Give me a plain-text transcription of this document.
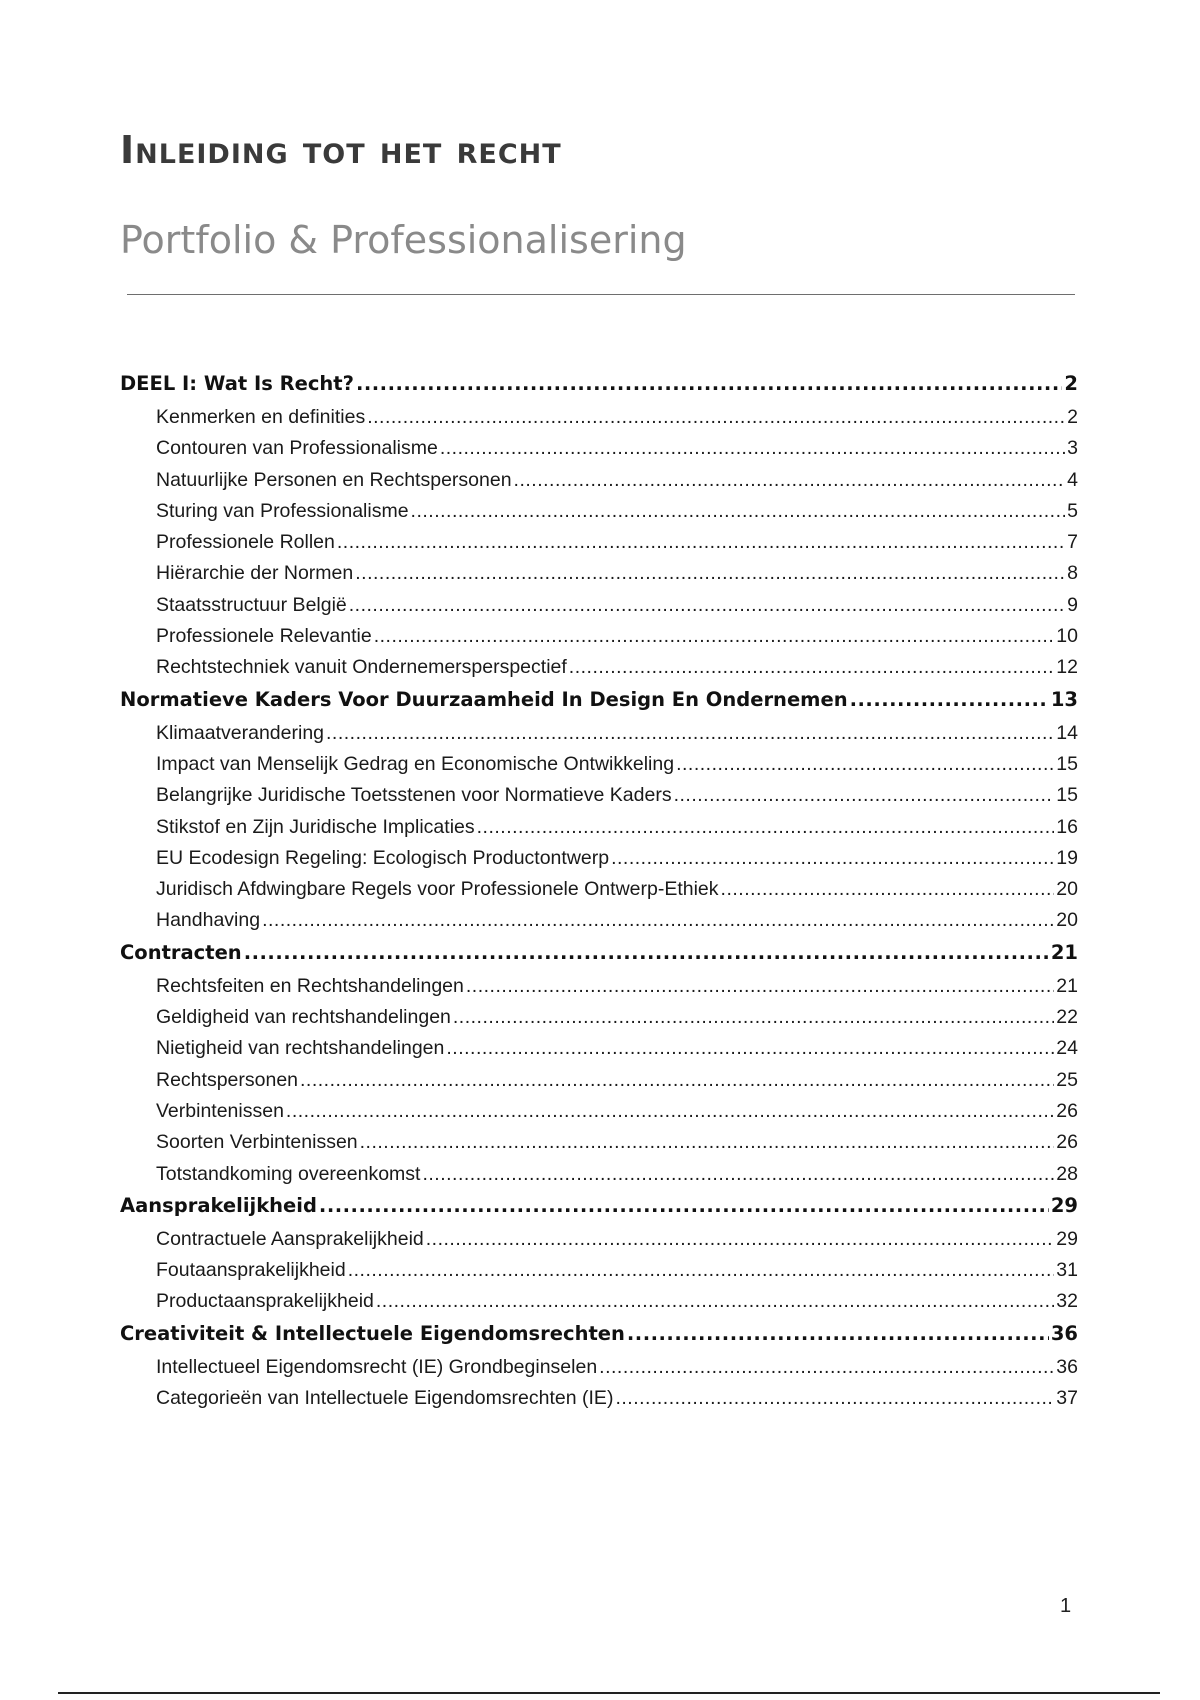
Inleiding tot het recht
Portfolio & Professionalisering
DEEL I: Wat Is Recht? .....	2
Kenmerken en definities .....	2
Contouren van Professionalisme .....	3
Natuurlijke Personen en Rechtspersonen .....	4
Sturing van Professionalisme .....	5
Professionele Rollen .....	7
Hiërarchie der Normen .....	8
Staatsstructuur België .....	9
Professionele Relevantie .....	10
Rechtstechniek vanuit Ondernemersperspectief .....	12
Normatieve Kaders Voor Duurzaamheid In Design En Ondernemen .....	13
Klimaatverandering .....	14
Impact van Menselijk Gedrag en Economische Ontwikkeling .....	15
Belangrijke Juridische Toetsstenen voor Normatieve Kaders .....	15
Stikstof en Zijn Juridische Implicaties .....	16
EU Ecodesign Regeling: Ecologisch Productontwerp .....	19
Juridisch Afdwingbare Regels voor Professionele Ontwerp-Ethiek .....	20
Handhaving .....	20
Contracten .....	21
Rechtsfeiten en Rechtshandelingen .....	21
Geldigheid van rechtshandelingen .....	22
Nietigheid van rechtshandelingen .....	24
Rechtspersonen .....	25
Verbintenissen .....	26
Soorten Verbintenissen .....	26
Totstandkoming overeenkomst .....	28
Aansprakelijkheid .....	29
Contractuele Aansprakelijkheid .....	29
Foutaansprakelijkheid .....	31
Productaansprakelijkheid .....	32
Creativiteit & Intellectuele Eigendomsrechten .....	36
Intellectueel Eigendomsrecht (IE) Grondbeginselen .....	36
Categorieën van Intellectuele Eigendomsrechten (IE) .....	37
1
